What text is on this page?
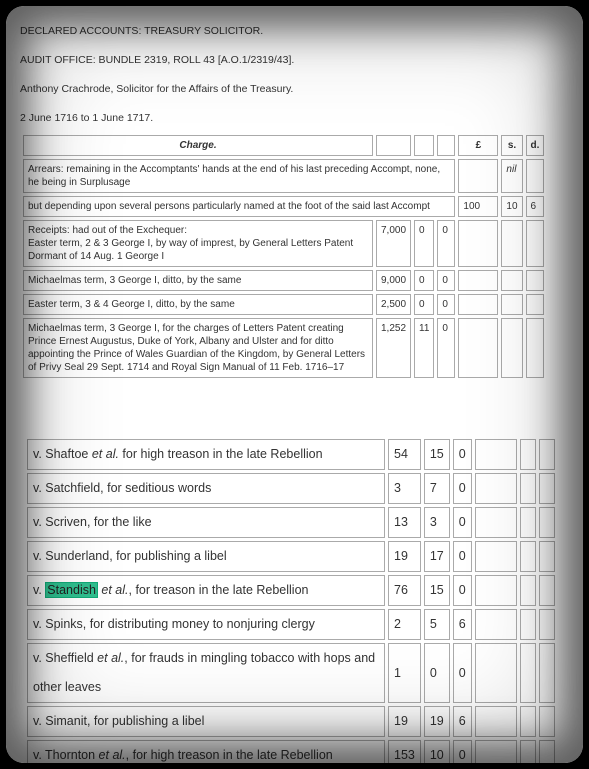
DECLARED ACCOUNTS: TREASURY SOLICITOR.

AUDIT OFFICE: BUNDLE 2319, ROLL 43 [A.O.1/2319/43].

Anthony Crachrode, Solicitor for the Affairs of the Treasury.

2 June 1716 to 1 June 1717.

Charge.				£	s.	d.
Arrears: remaining in the Accomptants' hands at the end of his last preceding Accompt, none, he being in Surplusage					nil	
but depending upon several persons particularly named at the foot of the said last Accompt				100	10	6
Receipts: had out of the Exchequer:
Easter term, 2 & 3 George I, by way of imprest, by General Letters Patent Dormant of 14 Aug. 1 George I	7,000	0	0			
Michaelmas term, 3 George I, ditto, by the same	9,000	0	0			
Easter term, 3 & 4 George I, ditto, by the same	2,500	0	0			
Michaelmas term, 3 George I, for the charges of Letters Patent creating Prince Ernest Augustus, Duke of York, Albany and Ulster and for ditto appointing the Prince of Wales Guardian of the Kingdom, by General Letters of Privy Seal 29 Sept. 1714 and Royal Sign Manual of 11 Feb. 1716–17	1,252	11	0			
v. Shaftoe et al. for high treason in the late Rebellion	54	15	0			
v. Satchfield, for seditious words	3	7	0			
v. Scriven, for the like	13	3	0			
v. Sunderland, for publishing a libel	19	17	0			
v. Standish et al., for treason in the late Rebellion	76	15	0			
v. Spinks, for distributing money to nonjuring clergy	2	5	6			
v. Sheffield et al., for frauds in mingling tobacco with hops and other leaves	1	0	0			
v. Simanit, for publishing a libel	19	19	6			
v. Thornton et al., for high treason in the late Rebellion	153	10	0			
